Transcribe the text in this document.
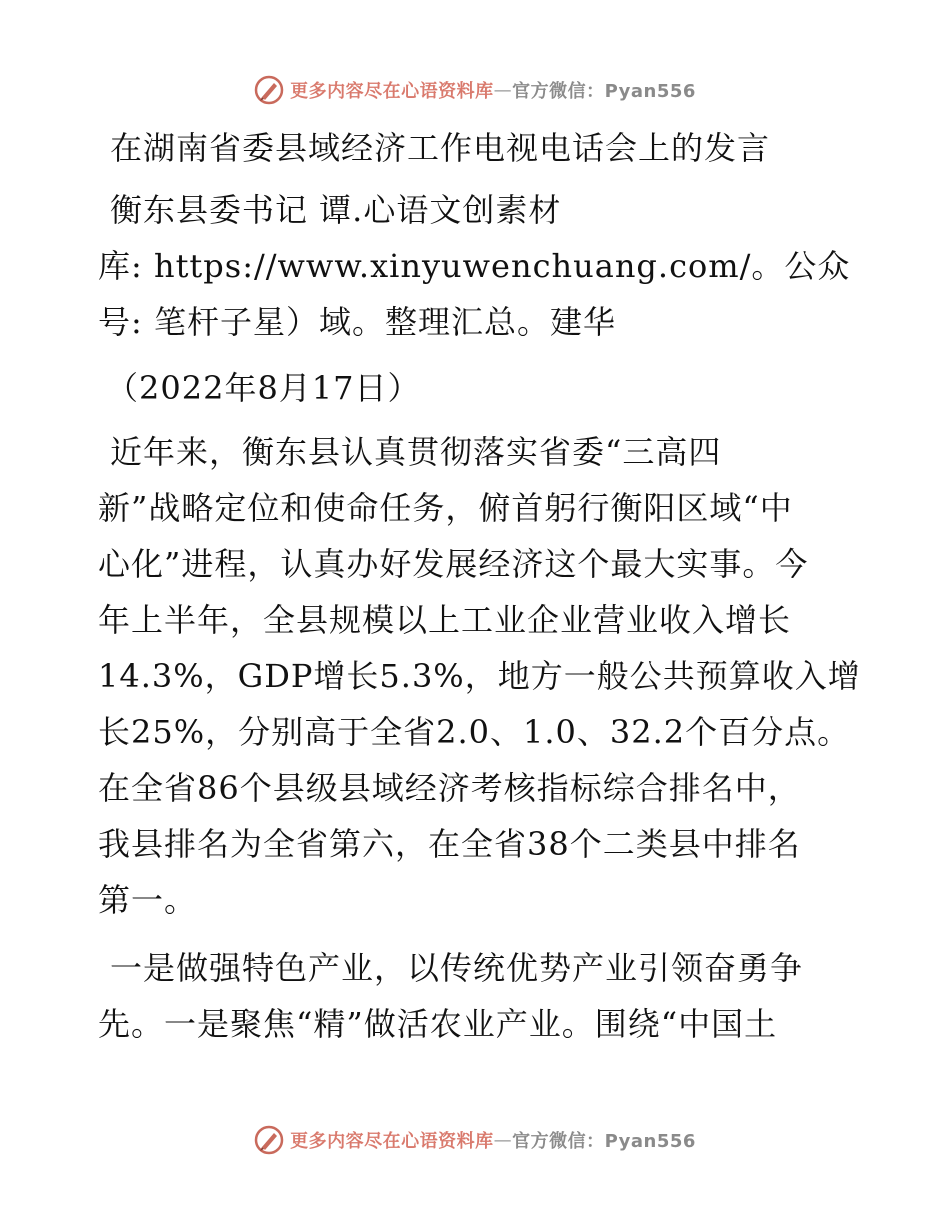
更多内容尽在心语资料库 — 官方微信：Pyan556
在湖南省委县域经济工作电视电话会上的发言
衡东县委书记 谭.心语文创素材
库: https://www.xinyuwenchuang.com/。公众
号: 笔杆子星）域。整理汇总。建华
（2022年8月17日）
近年来，衡东县认真贯彻落实省委“三高四
新”战略定位和使命任务，俯首躬行衡阳区域“中
心化”进程，认真办好发展经济这个最大实事。今
年上半年，全县规模以上工业企业营业收入增长
14.3%，GDP增长5.3%，地方一般公共预算收入增
长25%，分别高于全省2.0、1.0、32.2个百分点。
在全省86个县级县域经济考核指标综合排名中，
我县排名为全省第六，在全省38个二类县中排名
第一。
一是做强特色产业，以传统优势产业引领奋勇争
先。一是聚焦“精”做活农业产业。围绕“中国土
更多内容尽在心语资料库 — 官方微信：Pyan556
